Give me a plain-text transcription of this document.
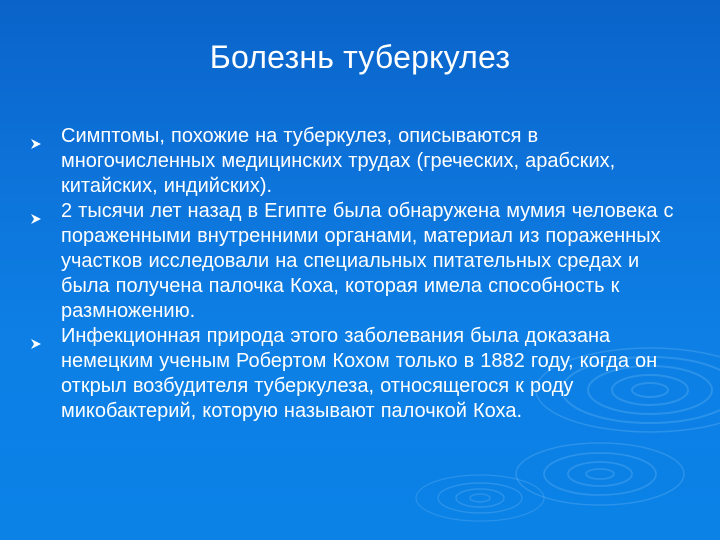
Болезнь туберкулез
Симптомы, похожие на туберкулез, описываются в многочисленных медицинских трудах (греческих, арабских, китайских, индийских).
2 тысячи лет назад в Египте была обнаружена мумия человека с пораженными внутренними органами, материал из пораженных участков исследовали на специальных питательных средах и была получена палочка Коха, которая имела способность к размножению.
Инфекционная природа этого заболевания была доказана немецким ученым Робертом Кохом только в 1882 году, когда он открыл возбудителя туберкулеза, относящегося к роду микобактерий, которую называют палочкой Коха.
